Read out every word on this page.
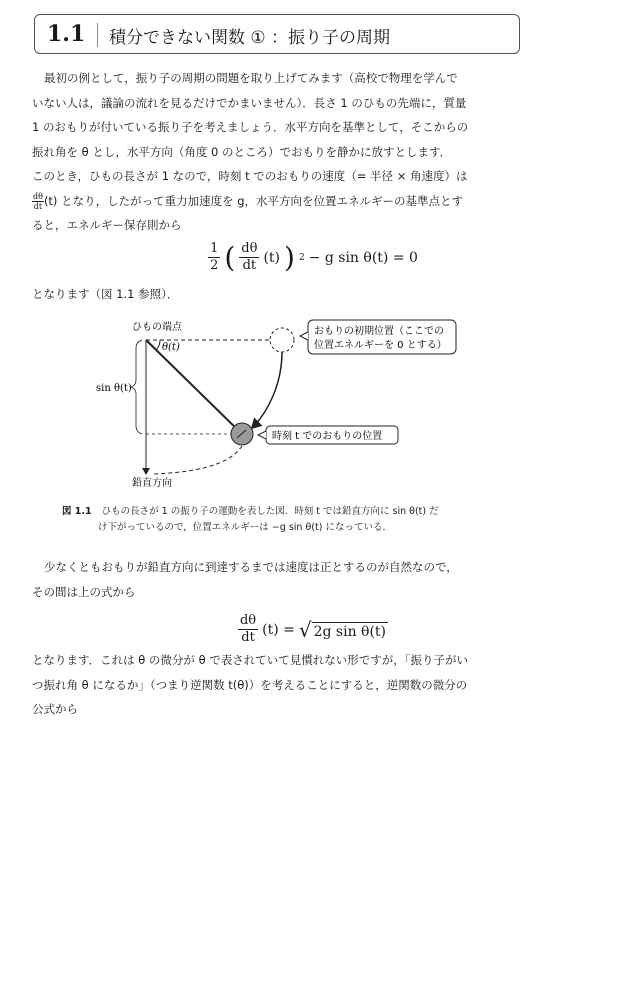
1.1 積分できない関数 ① ：振り子の周期

最初の例として，振り子の周期の問題を取り上げてみます（高校で物理を学んで

いない人は，議論の流れを見るだけでかまいません）．長さ 1 のひもの先端に，質量

1 のおもりが付いている振り子を考えましょう．水平方向を基準として，そこからの

振れ角を θ とし，水平方向（角度 0 のところ）でおもりを静かに放すとします．

このとき，ひもの長さが 1 なので，時刻 t でのおもりの速度（= 半径 × 角速度）は

$\frac{d\theta}{dt} (t)$ となり，したがって重力加速度を g，水平方向を位置エネルギーの基準点とす

ると，エネルギー保存則から

$\frac{1}{2}$ ( $\frac{d\theta}{dt} (t)$ ) 2 − g sin θ(t) = 0

となります（図 1.1 参照）．

ひもの端点
θ(t)
sin θ(t)
鉛直方向
おもりの初期位置（ここでの
位置エネルギーを 0 とする）
時刻 t でのおもりの位置
図 1.1 ひもの長さが 1 の振り子の運動を表した図．時刻 t では鉛直方向に sin θ(t) だ
け下がっているので，位置エネルギーは −g sin θ(t) になっている．

少なくともおもりが鉛直方向に到達するまでは速度は正とするのが自然なので，

その間は上の式から

$\frac{d\theta}{dt} (t)$ = √ 2g sin θ(t)

となります．これは θ の微分が θ で表されていて見慣れない形ですが，「振り子がい

つ振れ角 θ になるか」（つまり逆関数 t(θ)）を考えることにすると，逆関数の微分の

公式から
